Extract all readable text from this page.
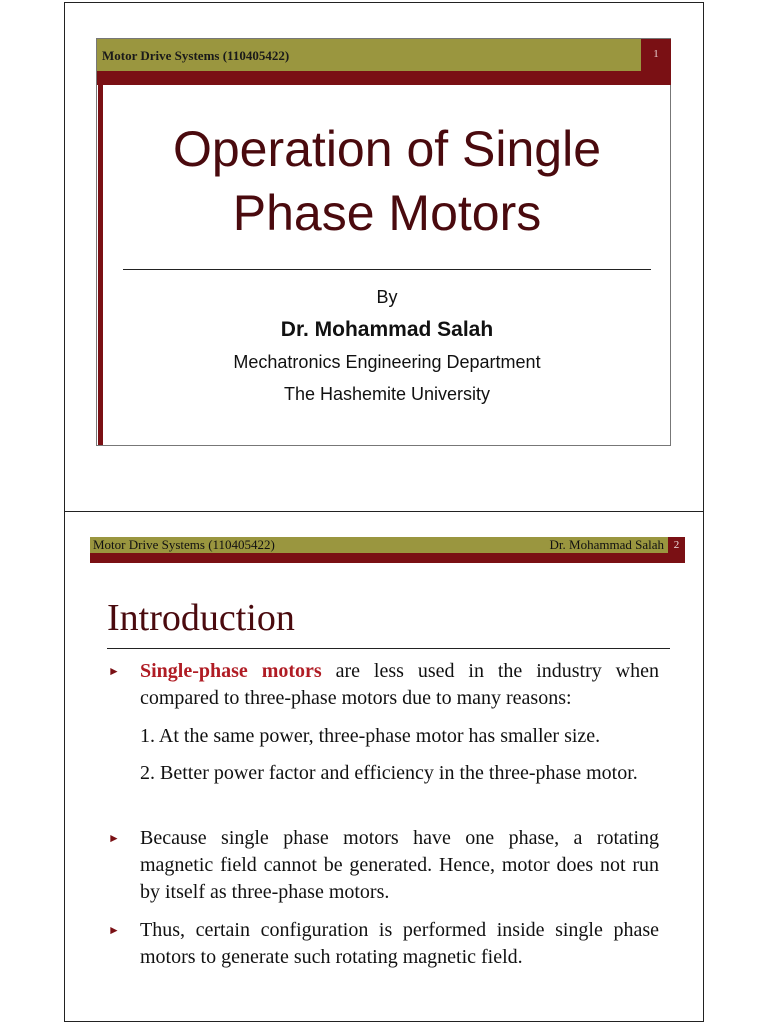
Motor Drive Systems (110405422)	1
Operation of Single
Phase Motors
By
Dr. Mohammad Salah
Mechatronics Engineering Department
The Hashemite University
Motor Drive Systems (110405422)	Dr. Mohammad Salah 2
Introduction
► Single-phase motors are less used in the industry when compared to three-phase motors due to many reasons:
1. At the same power, three-phase motor has smaller size.
2. Better power factor and efficiency in the three-phase motor.
► Because single phase motors have one phase, a rotating magnetic field cannot be generated. Hence, motor does not run by itself as three-phase motors.
► Thus, certain configuration is performed inside single phase motors to generate such rotating magnetic field.
